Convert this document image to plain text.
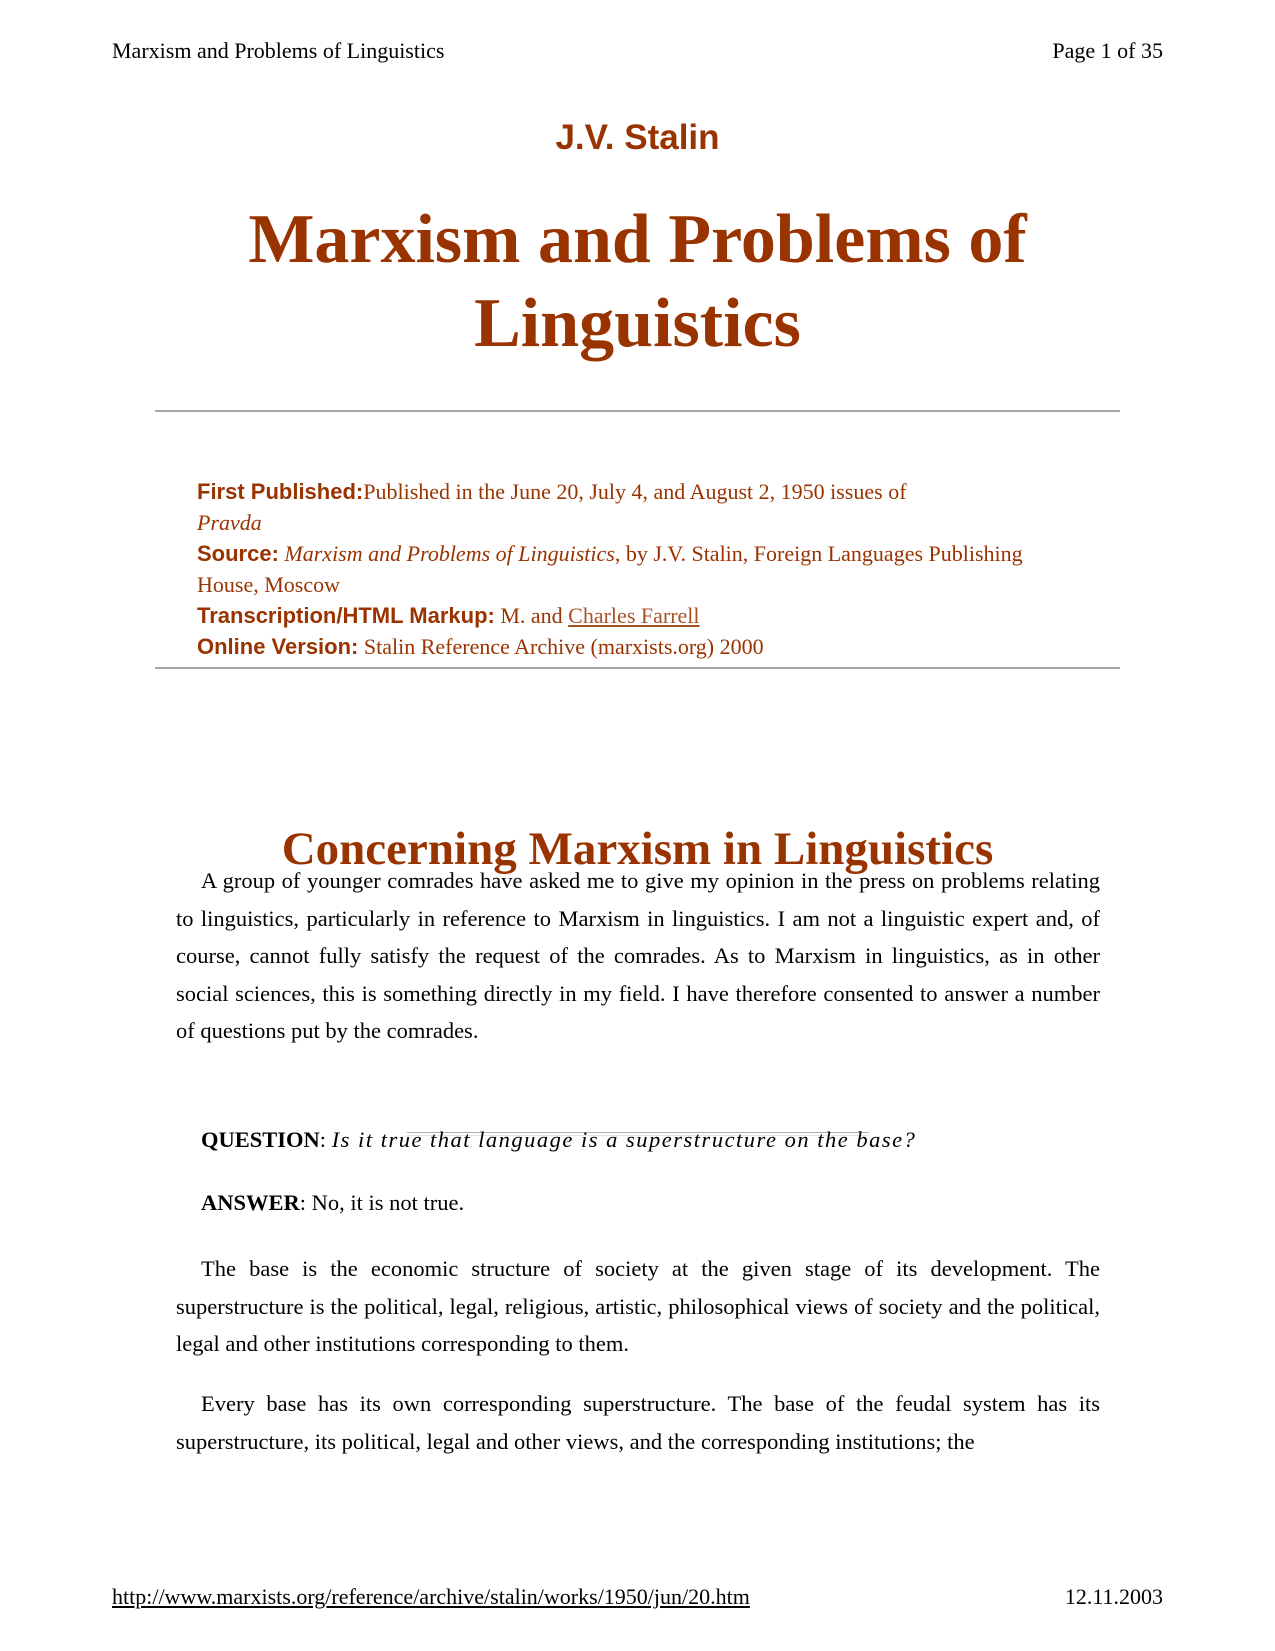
Marxism and Problems of Linguistics	Page 1 of 35
J.V. Stalin
Marxism and Problems of Linguistics
First Published:Published in the June 20, July 4, and August 2, 1950 issues of
Pravda
Source: Marxism and Problems of Linguistics, by J.V. Stalin, Foreign Languages Publishing House, Moscow
Transcription/HTML Markup: M. and Charles Farrell
Online Version: Stalin Reference Archive (marxists.org) 2000
Concerning Marxism in Linguistics
A group of younger comrades have asked me to give my opinion in the press on problems relating to linguistics, particularly in reference to Marxism in linguistics. I am not a linguistic expert and, of course, cannot fully satisfy the request of the comrades. As to Marxism in linguistics, as in other social sciences, this is something directly in my field. I have therefore consented to answer a number of questions put by the comrades.
QUESTION: Is it true that language is a superstructure on the base?
ANSWER: No, it is not true.
The base is the economic structure of society at the given stage of its development. The superstructure is the political, legal, religious, artistic, philosophical views of society and the political, legal and other institutions corresponding to them.
Every base has its own corresponding superstructure. The base of the feudal system has its superstructure, its political, legal and other views, and the corresponding institutions; the
http://www.marxists.org/reference/archive/stalin/works/1950/jun/20.htm	12.11.2003
